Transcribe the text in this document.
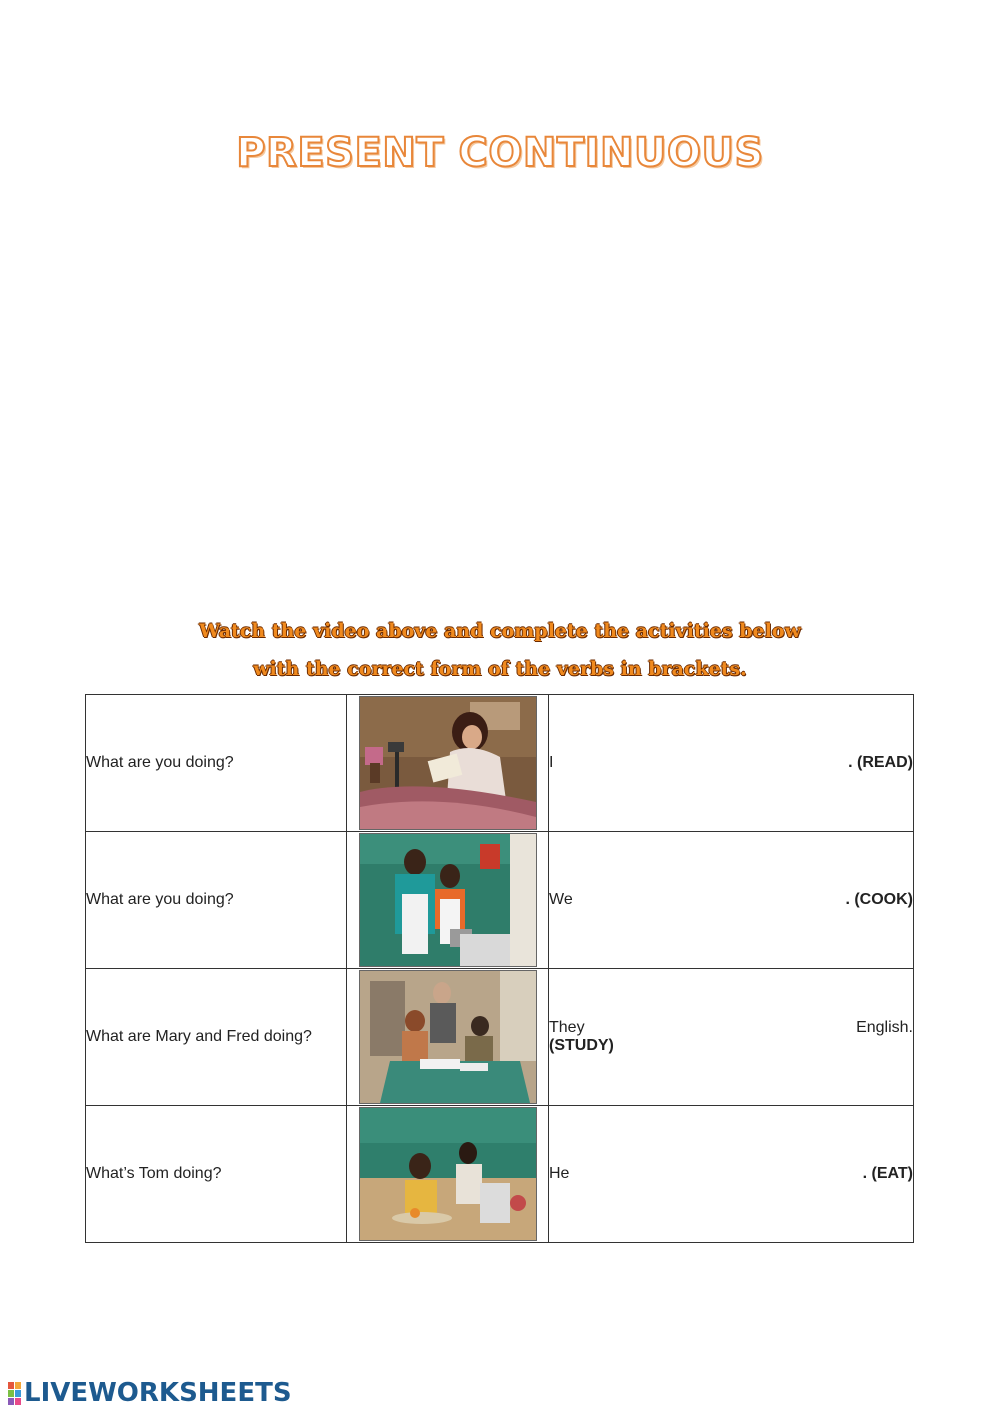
PRESENT CONTINUOUS
Watch the video above and complete the activities below
with the correct form of the verbs in brackets.
What are you doing?		I . (READ)

What are you doing?		We . (COOK)

What are Mary and Fred doing?		They English.
(STUDY)

What’s Tom doing?		He . (EAT)
LIVEWORKSHEETS
